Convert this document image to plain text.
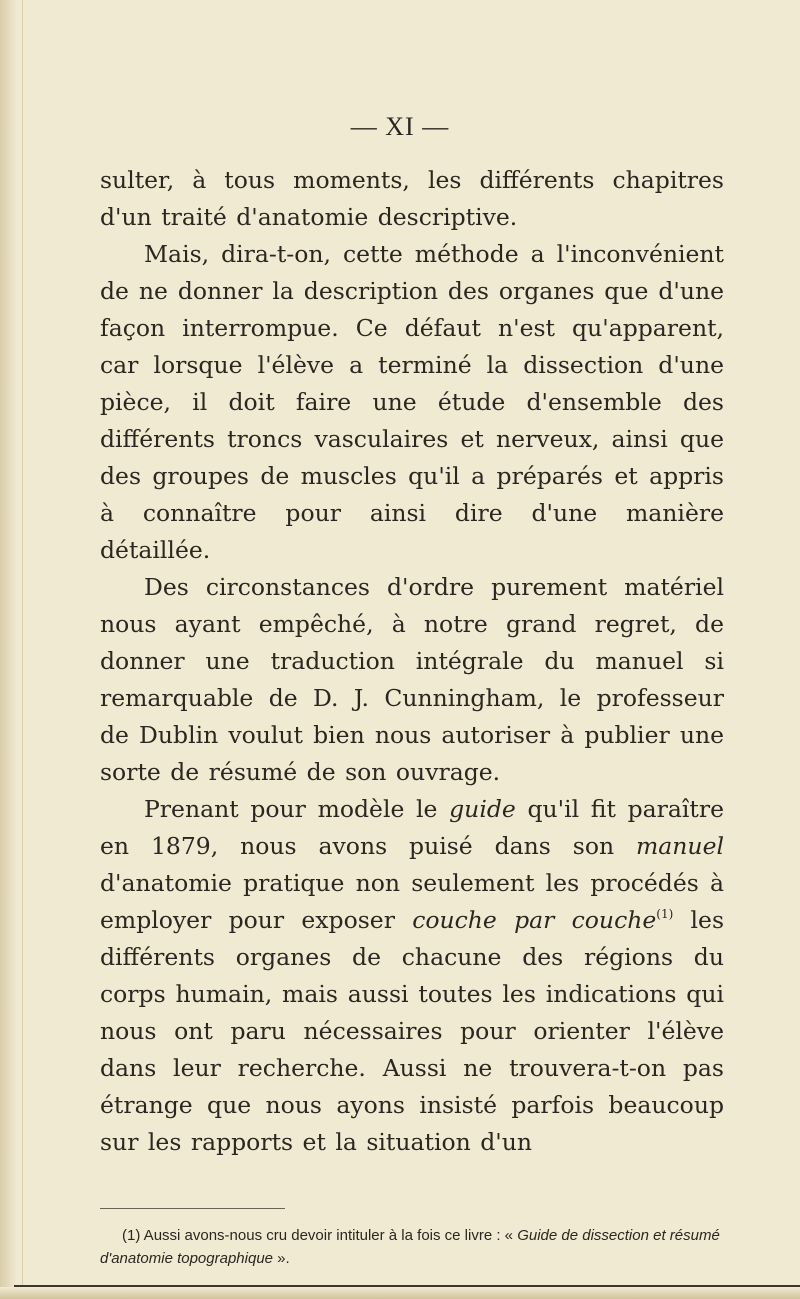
— XI —

sulter, à tous moments, les différents chapitres d'un traité d'anatomie descriptive.

Mais, dira-t-on, cette méthode a l'inconvénient de ne donner la description des organes que d'une façon interrompue. Ce défaut n'est qu'apparent, car lorsque l'élève a terminé la dissection d'une pièce, il doit faire une étude d'ensemble des différents troncs vasculaires et nerveux, ainsi que des groupes de muscles qu'il a préparés et appris à connaître pour ainsi dire d'une manière détaillée.

Des circonstances d'ordre purement matériel nous ayant empêché, à notre grand regret, de donner une traduction intégrale du manuel si remarquable de D. J. Cunningham, le professeur de Dublin voulut bien nous autoriser à publier une sorte de résumé de son ouvrage.

Prenant pour modèle le guide qu'il fit paraître en 1879, nous avons puisé dans son manuel d'anatomie pratique non seulement les procédés à employer pour exposer couche par couche$^{(1)}$ les différents organes de chacune des régions du corps humain, mais aussi toutes les indications qui nous ont paru nécessaires pour orienter l'élève dans leur recherche. Aussi ne trouvera-t-on pas étrange que nous ayons insisté parfois beaucoup sur les rapports et la situation d'un

(1) Aussi avons-nous cru devoir intituler à la fois ce livre : « Guide de dissection et résumé d'anatomie topographique ».
